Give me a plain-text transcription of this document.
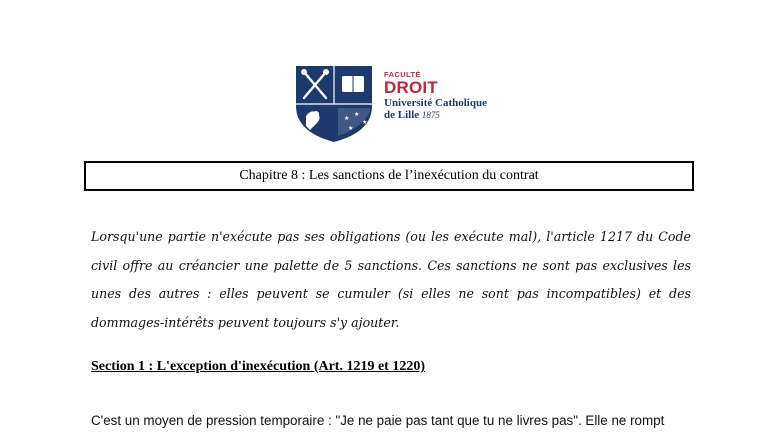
★
★
★
★
FACULTÉ
DROIT
Université Catholique
de Lille 1875
Chapitre 8 : Les sanctions de l’inexécution du contrat

Lorsqu'une partie n'exécute pas ses obligations (ou les exécute mal), l'article 1217 du Code civil offre au créancier une palette de 5 sanctions. Ces sanctions ne sont pas exclusives les unes des autres : elles peuvent se cumuler (si elles ne sont pas incompatibles) et des dommages-intérêts peuvent toujours s'y ajouter.

Section 1 : L'exception d'inexécution (Art. 1219 et 1220)

C'est un moyen de pression temporaire : "Je ne paie pas tant que tu ne livres pas". Elle ne rompt
